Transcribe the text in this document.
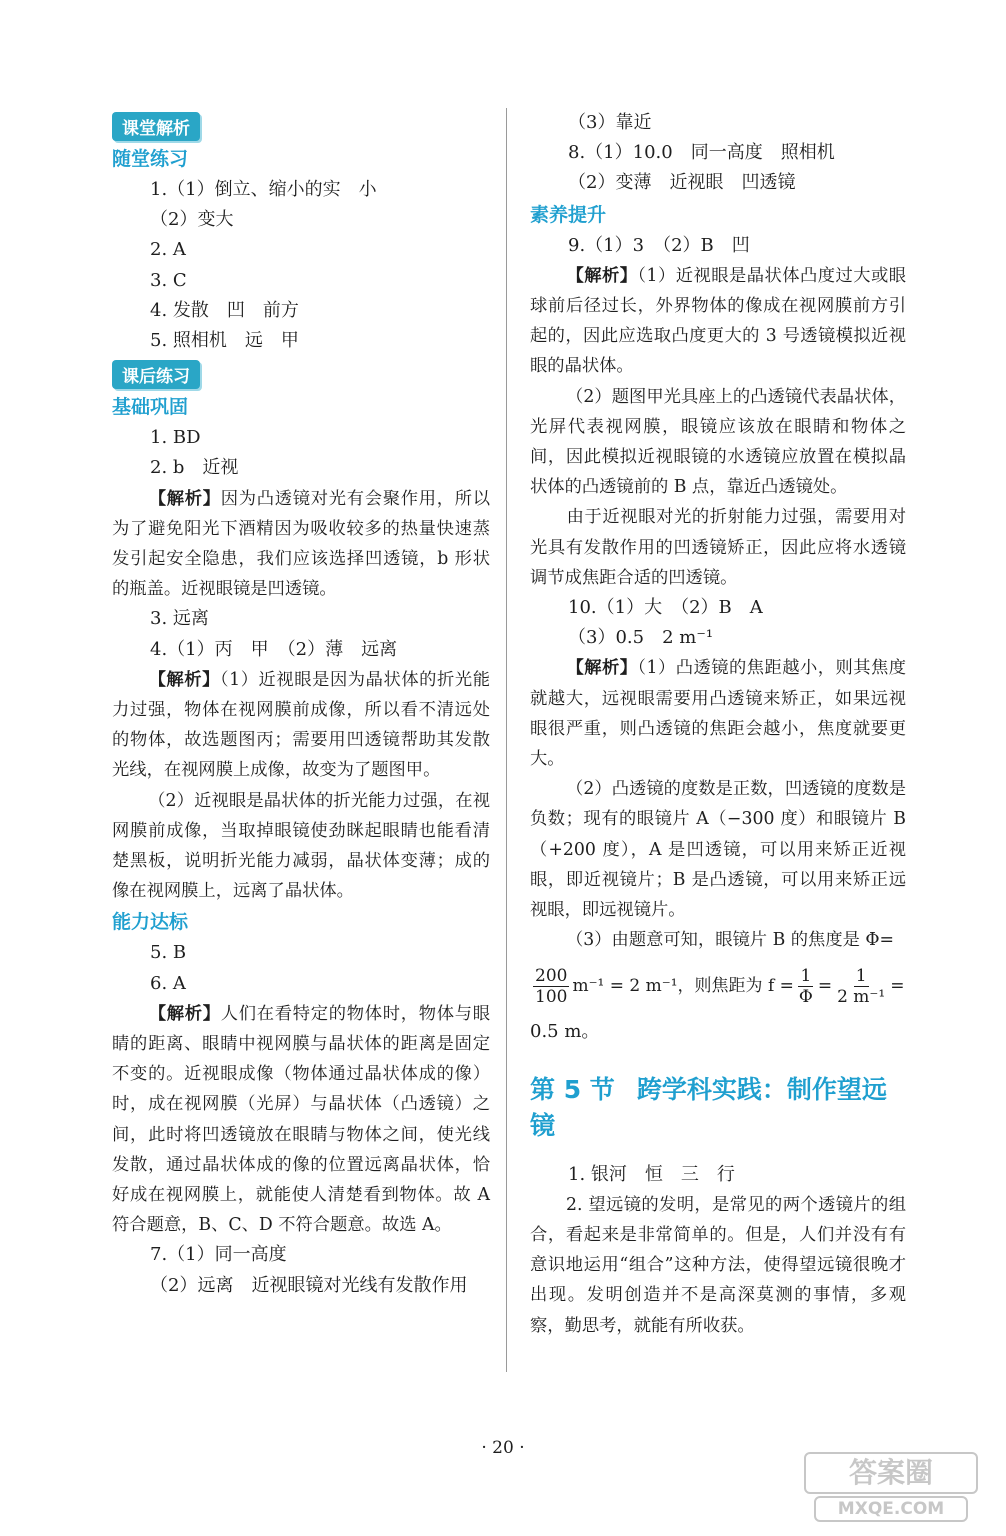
课堂解析
随堂练习
1.（1）倒立、缩小的实　小
（2）变大
2. A
3. C
4. 发散　凹　前方
5. 照相机　远　甲
课后练习
基础巩固
1. BD
2. b　近视
【解析】因为凸透镜对光有会聚作用，所以为了避免阳光下酒精因为吸收较多的热量快速蒸发引起安全隐患，我们应该选择凹透镜，b 形状的瓶盖。近视眼镜是凹透镜。
3. 远离
4.（1）丙　甲　（2）薄　远离
【解析】（1）近视眼是因为晶状体的折光能力过强，物体在视网膜前成像，所以看不清远处的物体，故选题图丙；需要用凹透镜帮助其发散光线，在视网膜上成像，故变为了题图甲。
（2）近视眼是晶状体的折光能力过强，在视网膜前成像，当取掉眼镜使劲眯起眼睛也能看清楚黑板，说明折光能力减弱，晶状体变薄；成的像在视网膜上，远离了晶状体。
能力达标
5. B
6. A
【解析】人们在看特定的物体时，物体与眼睛的距离、眼睛中视网膜与晶状体的距离是固定不变的。近视眼成像（物体通过晶状体成的像）时，成在视网膜（光屏）与晶状体（凸透镜）之间，此时将凹透镜放在眼睛与物体之间，使光线发散，通过晶状体成的像的位置远离晶状体，恰好成在视网膜上，就能使人清楚看到物体。故 A 符合题意，B、C、D 不符合题意。故选 A。
7.（1）同一高度
（2）远离　近视眼镜对光线有发散作用
（3）靠近
8.（1）10.0　同一高度　照相机
（2）变薄　近视眼　凹透镜
素养提升
9.（1）3　（2）B　凹
【解析】（1）近视眼是晶状体凸度过大或眼球前后径过长，外界物体的像成在视网膜前方引起的，因此应选取凸度更大的 3 号透镜模拟近视眼的晶状体。
（2）题图甲光具座上的凸透镜代表晶状体，光屏代表视网膜，眼镜应该放在眼睛和物体之间，因此模拟近视眼镜的水透镜应放置在模拟晶状体的凸透镜前的 B 点，靠近凸透镜处。
由于近视眼对光的折射能力过强，需要用对光具有发散作用的凹透镜矫正，因此应将水透镜调节成焦距合适的凹透镜。
10.（1）大　（2）B　A
（3）0.5　2 m⁻¹
【解析】（1）凸透镜的焦距越小，则其焦度就越大，远视眼需要用凸透镜来矫正，如果远视眼很严重，则凸透镜的焦距会越小，焦度就要更大。
（2）凸透镜的度数是正数，凹透镜的度数是负数；现有的眼镜片 A（−300 度）和眼镜片 B（+200 度），A 是凹透镜，可以用来矫正近视眼，即近视镜片；B 是凸透镜，可以用来矫正远视眼，即远视镜片。
（3）由题意可知，眼镜片 B 的焦度是 Φ=
$\frac{200}{100} m^{-1} = 2$ m⁻¹，则焦距为 $f = \frac{1}{\Phi} = \frac{1}{\text{2 m⁻¹}}$ =
0.5 m。
第 5 节 跨学科实践：制作望远镜
1. 银河　恒　三　行
2. 望远镜的发明，是常见的两个透镜片的组合，看起来是非常简单的。但是，人们并没有有意识地运用“组合”这种方法，使得望远镜很晚才出现。发明创造并不是高深莫测的事情，多观察，勤思考，就能有所收获。
· 20 ·
答案圈
MXQE.COM
